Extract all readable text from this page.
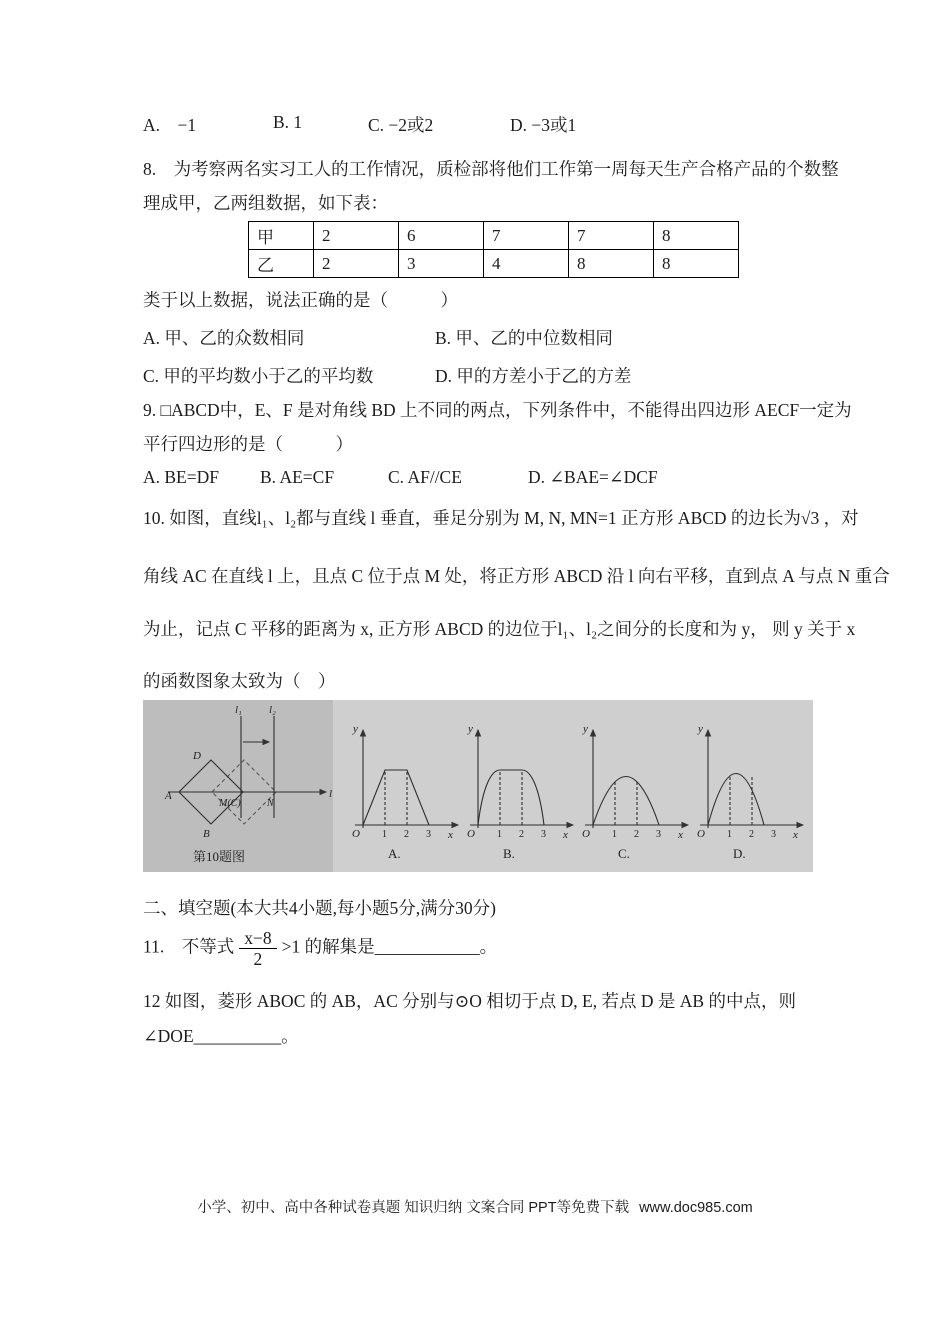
A.　−1	B. 1	C. −2或2	D. −3或1
8.　为考察两名实习工人的工作情况，质检部将他们工作第一周每天生产合格产品的个数整
理成甲，乙两组数据，如下表：
甲	2	6	7	7	8
乙	2	3	4	8	8
类于以上数据，说法正确的是（　　　）
A. 甲、乙的众数相同	B. 甲、乙的中位数相同
C. 甲的平均数小于乙的平均数	D. 甲的方差小于乙的方差
9. □ABCD中，E、F 是对角线 BD 上不同的两点，下列条件中，不能得出四边形 AECF一定为
平行四边形的是（　　　）
A. BE=DF B. AE=CF	C. AF//CE	D. ∠BAE=∠DCF
10. 如图，直线l₁、l₂都与直线 l 垂直，垂足分别为 M, N, MN=1 正方形 ABCD 的边长为√3 ，对
角线 AC 在直线 l 上，且点 C 位于点 M 处，将正方形 ABCD 沿 l 向右平移，直到点 A 与点 N 重合
为止，记点 C 平移的距离为 x, 正方形 ABCD 的边位于l₁、l₂之间分的长度和为 y， 则 y 关于 x
的函数图象太致为（　）
l₁ l₂
D
A
B
M(C)	N
l
第10题图
y
O 1 2 3 x
A.
y
O 1 2 3 x
B.
y
O 1 2 3 x
C.
y
O 1 2 3 x
D.
二、填空题(本大共4小题,每小题5分,满分30分)
11.　不等式 $\frac{x-8}{2} >1$ 的解集是____________。
12 如图，菱形 ABOC 的 AB，AC 分别与⊙O 相切于点 D, E, 若点 D 是 AB 的中点，则
∠DOE__________。
小学、初中、高中各种试卷真题 知识归纳 文案合同 PPT等免费下载 www.doc985.com
